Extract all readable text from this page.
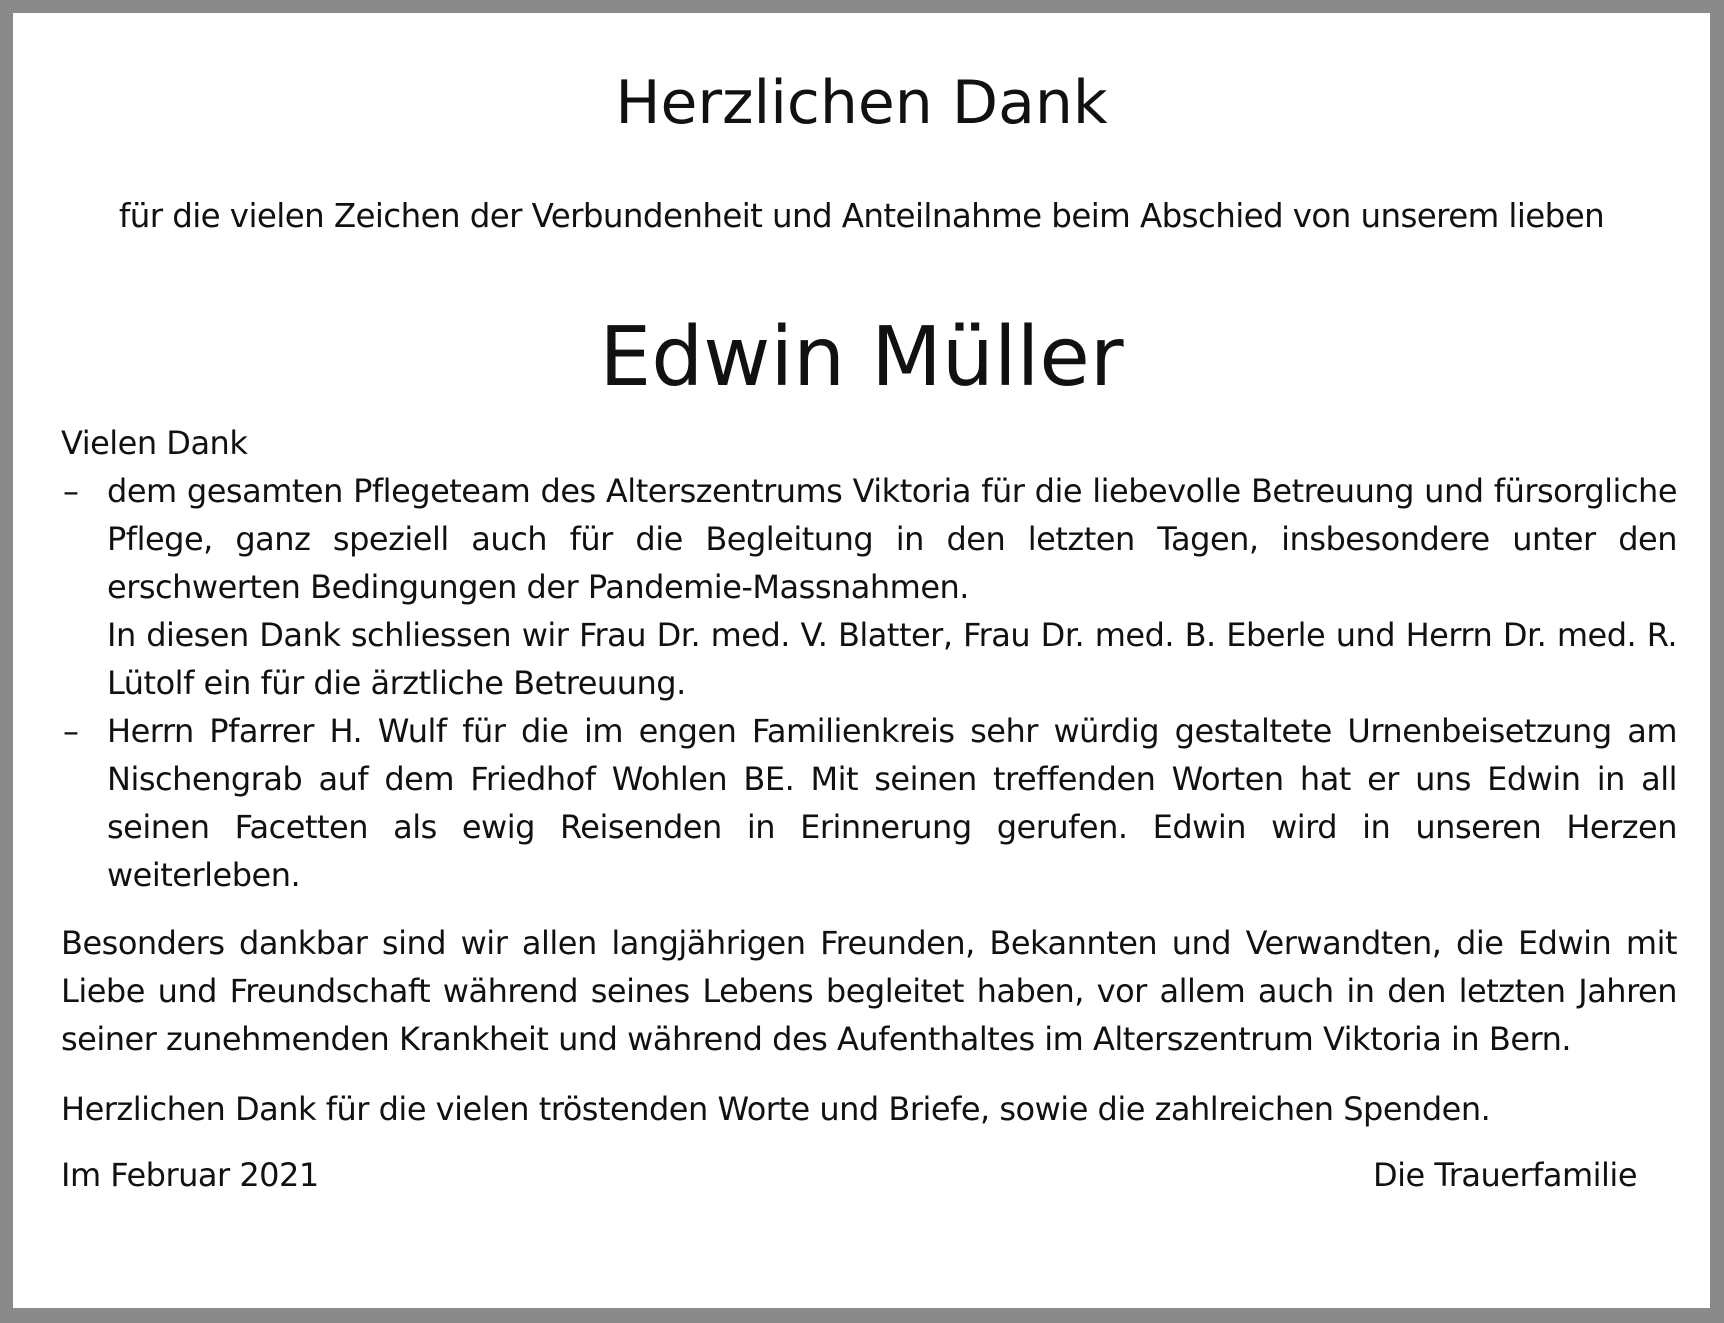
Herzlichen Dank

für die vielen Zeichen der Verbundenheit und Anteilnahme beim Abschied von unserem lieben

Edwin Müller

Vielen Dank

– dem gesamten Pflegeteam des Alterszentrums Viktoria für die liebevolle Betreuung und fürsorgliche Pflege, ganz speziell auch für die Begleitung in den letzten Tagen, insbesondere unter den erschwerten Bedingungen der Pandemie-Massnahmen.
In diesen Dank schliessen wir Frau Dr. med. V. Blatter, Frau Dr. med. B. Eberle und Herrn Dr. med. R. Lütolf ein für die ärztliche Betreuung.
– Herrn Pfarrer H. Wulf für die im engen Familienkreis sehr würdig gestaltete Urnenbeisetzung am Nischengrab auf dem Friedhof Wohlen BE. Mit seinen treffenden Worten hat er uns Edwin in all seinen Facetten als ewig Reisenden in Erinnerung gerufen. Edwin wird in unseren Herzen weiterleben.

Besonders dankbar sind wir allen langjährigen Freunden, Bekannten und Verwandten, die Edwin mit Liebe und Freundschaft während seines Lebens begleitet haben, vor allem auch in den letzten Jahren seiner zunehmenden Krankheit und während des Aufenthaltes im Alterszentrum Viktoria in Bern.

Herzlichen Dank für die vielen tröstenden Worte und Briefe, sowie die zahlreichen Spenden.

Im Februar 2021	Die Trauerfamilie
